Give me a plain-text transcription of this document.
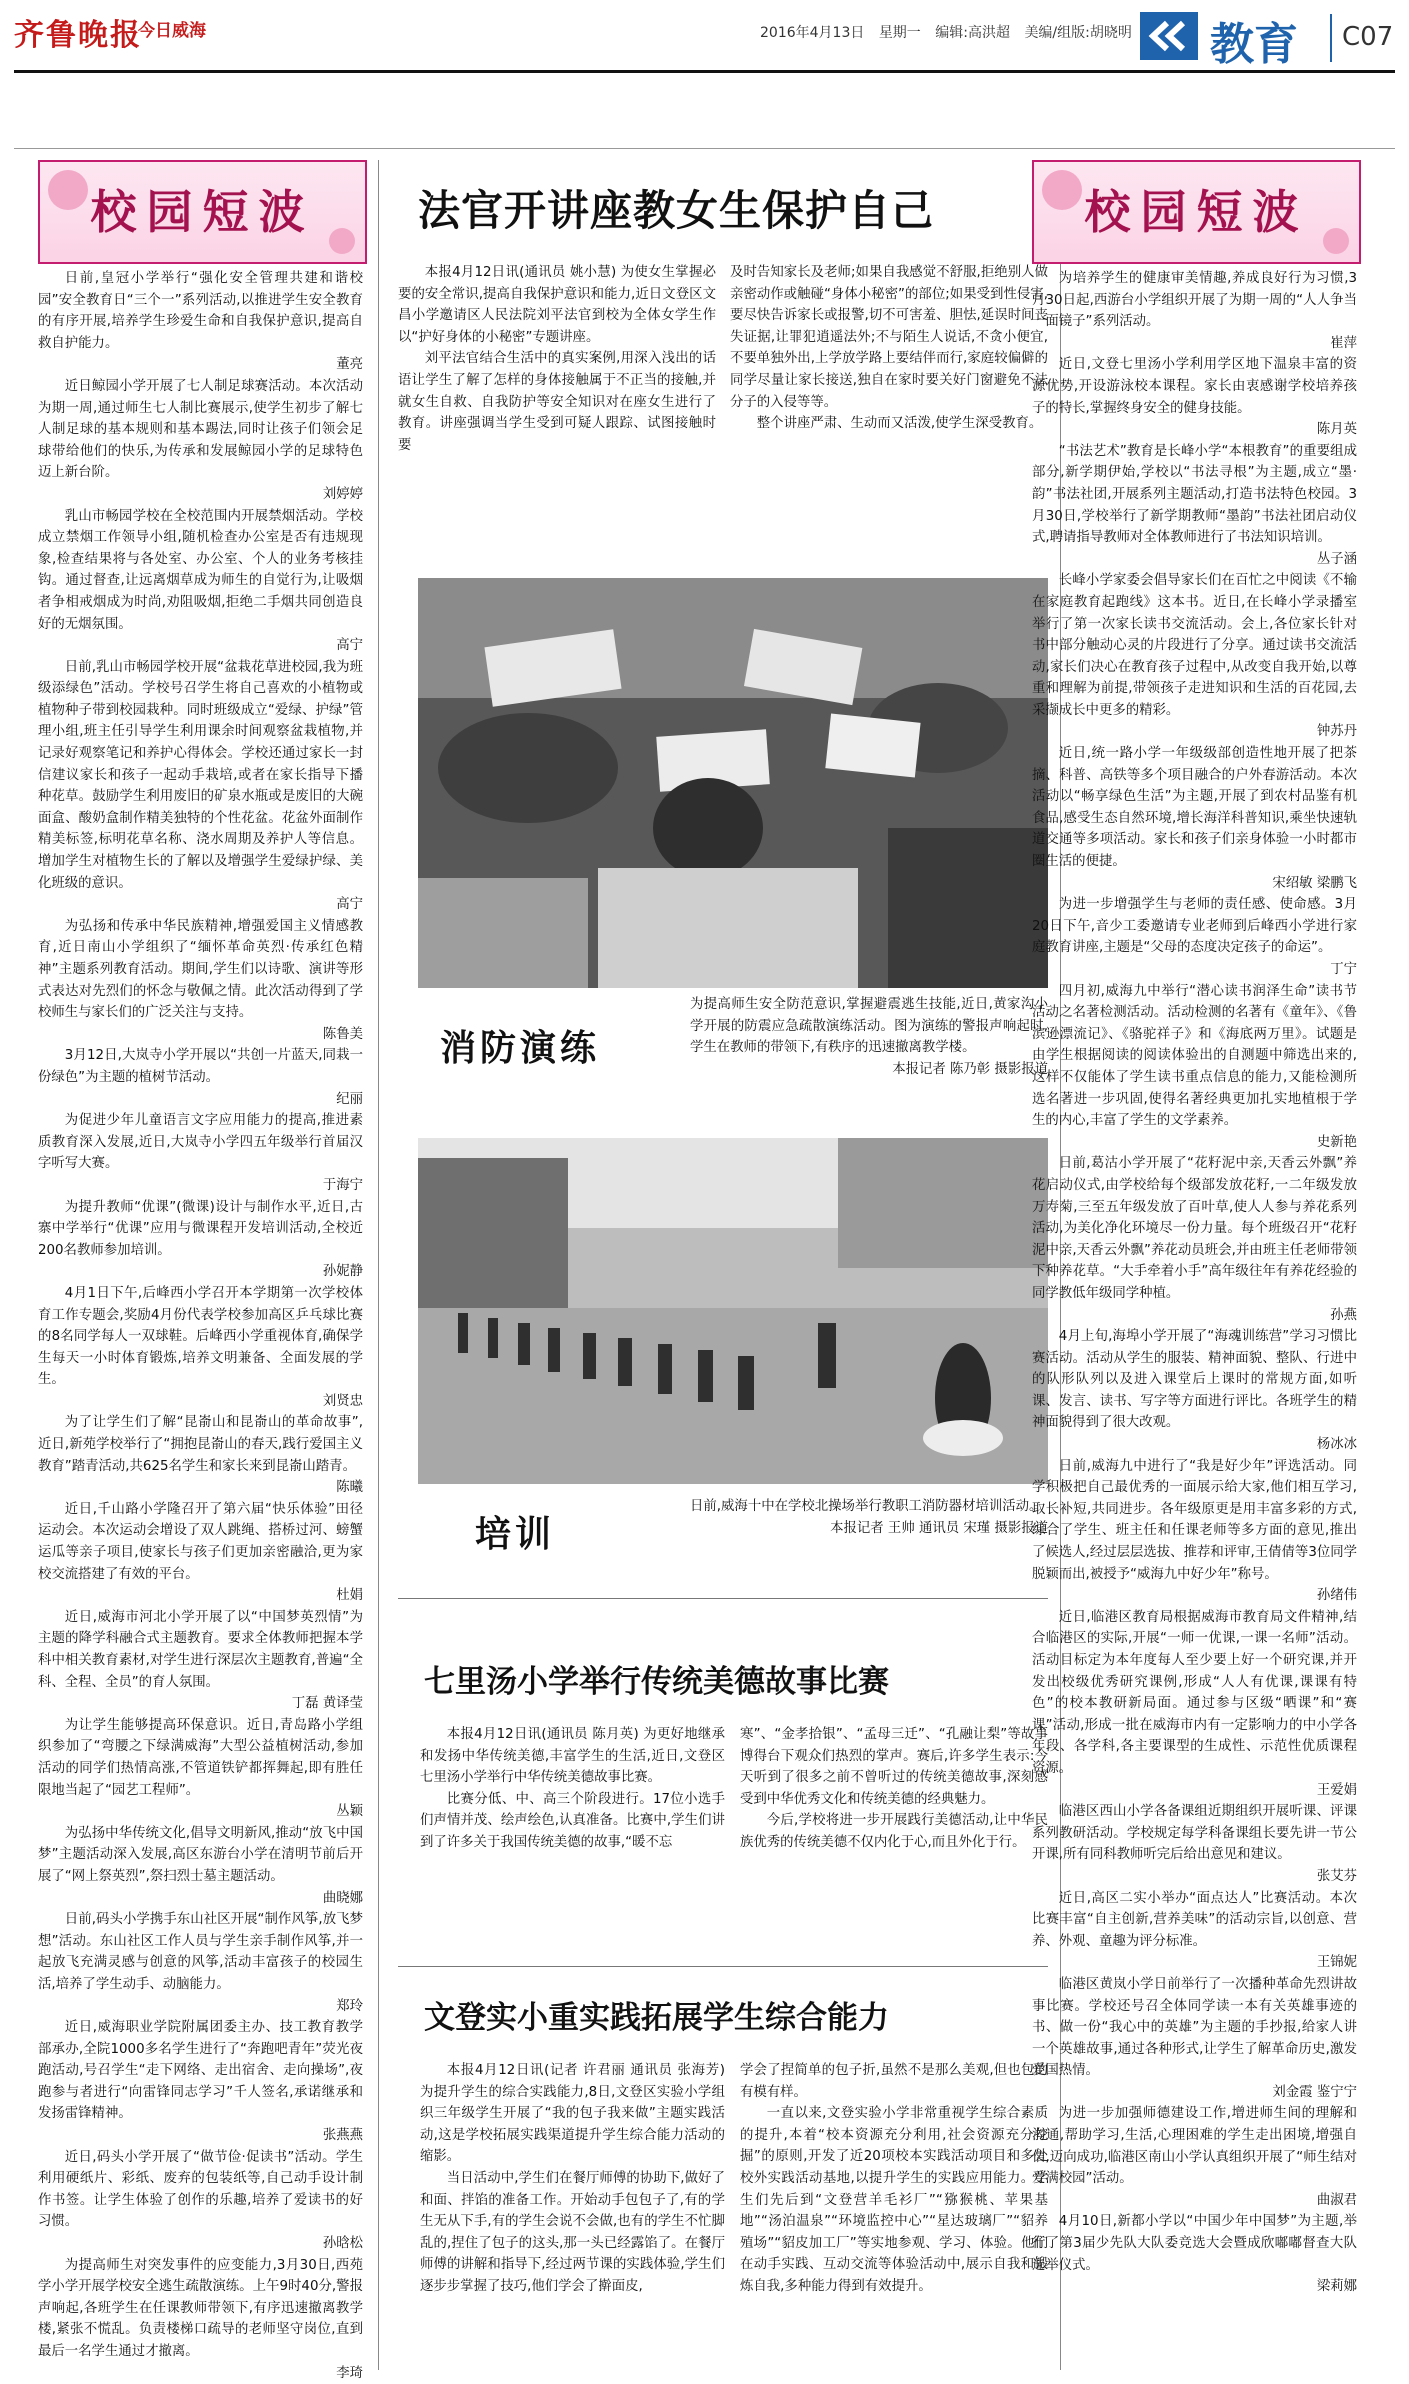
齐鲁晚报
今日威海	2016年4月13日 星期一 编辑:高洪超 美编/组版:胡晓明 教育 C07
校园短波

日前,皇冠小学举行“强化安全管理共建和谐校园”安全教育日“三个一”系列活动,以推进学生安全教育的有序开展,培养学生珍爱生命和自我保护意识,提高自救自护能力。

董亮

近日鲸园小学开展了七人制足球赛活动。本次活动为期一周,通过师生七人制比赛展示,使学生初步了解七人制足球的基本规则和基本踢法,同时让孩子们领会足球带给他们的快乐,为传承和发展鲸园小学的足球特色迈上新台阶。

刘婷婷

乳山市畅园学校在全校范围内开展禁烟活动。学校成立禁烟工作领导小组,随机检查办公室是否有违规现象,检查结果将与各处室、办公室、个人的业务考核挂钩。通过督查,让远离烟草成为师生的自觉行为,让吸烟者争相戒烟成为时尚,劝阻吸烟,拒绝二手烟共同创造良好的无烟氛围。

高宁

日前,乳山市畅园学校开展“盆栽花草进校园,我为班级添绿色”活动。学校号召学生将自己喜欢的小植物或植物种子带到校园栽种。同时班级成立“爱绿、护绿”管理小组,班主任引导学生利用课余时间观察盆栽植物,并记录好观察笔记和养护心得体会。学校还通过家长一封信建议家长和孩子一起动手栽培,或者在家长指导下播种花草。鼓励学生利用废旧的矿泉水瓶或是废旧的大碗面盒、酸奶盒制作精美独特的个性花盆。花盆外面制作精美标签,标明花草名称、浇水周期及养护人等信息。增加学生对植物生长的了解以及增强学生爱绿护绿、美化班级的意识。

高宁

为弘扬和传承中华民族精神,增强爱国主义情感教育,近日南山小学组织了“缅怀革命英烈·传承红色精神”主题系列教育活动。期间,学生们以诗歌、演讲等形式表达对先烈们的怀念与敬佩之情。此次活动得到了学校师生与家长们的广泛关注与支持。

陈鲁美

3月12日,大岚寺小学开展以“共创一片蓝天,同栽一份绿色”为主题的植树节活动。

纪丽

为促进少年儿童语言文字应用能力的提高,推进素质教育深入发展,近日,大岚寺小学四五年级举行首届汉字听写大赛。

于海宁

为提升教师“优课”(微课)设计与制作水平,近日,古寨中学举行“优课”应用与微课程开发培训活动,全校近200名教师参加培训。

孙妮静

4月1日下午,后峰西小学召开本学期第一次学校体育工作专题会,奖励4月份代表学校参加高区乒乓球比赛的8名同学每人一双球鞋。后峰西小学重视体育,确保学生每天一小时体育锻炼,培养文明兼备、全面发展的学生。

刘贤忠

为了让学生们了解“昆嵛山和昆嵛山的革命故事”,近日,新苑学校举行了“拥抱昆嵛山的春天,践行爱国主义教育”踏青活动,共625名学生和家长来到昆嵛山踏青。

陈曦

近日,千山路小学隆召开了第六届“快乐体验”田径运动会。本次运动会增设了双人跳绳、搭桥过河、螃蟹运瓜等亲子项目,使家长与孩子们更加亲密融洽,更为家校交流搭建了有效的平台。

杜娟

近日,威海市河北小学开展了以“中国梦英烈情”为主题的降学科融合式主题教育。要求全体教师把握本学科中相关教育素材,对学生进行深层次主题教育,普遍“全科、全程、全员”的育人氛围。

丁磊 黄译莹

为让学生能够提高环保意识。近日,青岛路小学组织参加了“弯腰之下绿满威海”大型公益植树活动,参加活动的同学们热情高涨,不管道铁铲都挥舞起,即有胜任限地当起了“园艺工程师”。

丛颖

为弘扬中华传统文化,倡导文明新风,推动“放飞中国梦”主题活动深入发展,高区东游台小学在清明节前后开展了“网上祭英烈”,祭扫烈士墓主题活动。

曲晓娜

日前,码头小学携手东山社区开展“制作风筝,放飞梦想”活动。东山社区工作人员与学生亲手制作风筝,并一起放飞充满灵感与创意的风筝,活动丰富孩子的校园生活,培养了学生动手、动脑能力。

郑玲

近日,威海职业学院附属团委主办、技工教育教学部承办,全院1000多名学生进行了“奔跑吧青年”荧光夜跑活动,号召学生“走下网络、走出宿舍、走向操场”,夜跑参与者进行“向雷锋同志学习”千人签名,承诺继承和发扬雷锋精神。

张燕燕

近日,码头小学开展了“做节俭·促读书”活动。学生利用硬纸片、彩纸、废弃的包装纸等,自己动手设计制作书签。让学生体验了创作的乐趣,培养了爱读书的好习惯。

孙晗松

为提高师生对突发事件的应变能力,3月30日,西苑学小学开展学校安全逃生疏散演练。上午9时40分,警报声响起,各班学生在任课教师带领下,有序迅速撤离教学楼,紧张不慌乱。负责楼梯口疏导的老师坚守岗位,直到最后一名学生通过才撤离。

李琦

法官开讲座教女生保护自己

本报4月12日讯(通讯员 姚小慧) 为使女生掌握必要的安全常识,提高自我保护意识和能力,近日文登区文昌小学邀请区人民法院刘平法官到校为全体女学生作以“护好身体的小秘密”专题讲座。

刘平法官结合生活中的真实案例,用深入浅出的话语让学生了解了怎样的身体接触属于不正当的接触,并就女生自救、自我防护等安全知识对在座女生进行了教育。讲座强调当学生受到可疑人跟踪、试图接触时要

及时告知家长及老师;如果自我感觉不舒服,拒绝别人做亲密动作或触碰“身体小秘密”的部位;如果受到性侵害,要尽快告诉家长或报警,切不可害羞、胆怯,延误时间丧失证据,让罪犯逍遥法外;不与陌生人说话,不贪小便宜,不要单独外出,上学放学路上要结伴而行,家庭较偏僻的同学尽量让家长接送,独自在家时要关好门窗避免不法分子的入侵等等。

整个讲座严肃、生动而又活泼,使学生深受教育。

消防演练
为提高师生安全防范意识,掌握避震逃生技能,近日,黄家沟小学开展的防震应急疏散演练活动。图为演练的警报声响起时,学生在教师的带领下,有秩序的迅速撤离教学楼。
本报记者 陈乃彰 摄影报道
培训
日前,威海十中在学校北操场举行教职工消防器材培训活动。
本报记者 王帅 通讯员 宋瑾 摄影报道
七里汤小学举行传统美德故事比赛

本报4月12日讯(通讯员 陈月英) 为更好地继承和发扬中华传统美德,丰富学生的生活,近日,文登区七里汤小学举行中华传统美德故事比赛。

比赛分低、中、高三个阶段进行。17位小选手们声情并茂、绘声绘色,认真准备。比赛中,学生们讲到了许多关于我国传统美德的故事,“暖不忘

寒”、“金孝拾银”、“孟母三迁”、“孔融让梨”等故事博得台下观众们热烈的掌声。赛后,许多学生表示:今天听到了很多之前不曾听过的传统美德故事,深刻感受到中华优秀文化和传统美德的经典魅力。

今后,学校将进一步开展践行美德活动,让中华民族优秀的传统美德不仅内化于心,而且外化于行。

文登实小重实践拓展学生综合能力

本报4月12日讯(记者 许君丽 通讯员 张海芳) 为提升学生的综合实践能力,8日,文登区实验小学组织三年级学生开展了“我的包子我来做”主题实践活动,这是学校拓展实践渠道提升学生综合能力活动的缩影。

当日活动中,学生们在餐厅师傅的协助下,做好了和面、拌馅的准备工作。开始动手包包子了,有的学生无从下手,有的学生会说不会做,也有的学生不忙脚乱的,捏住了包子的这头,那一头已经露馅了。在餐厅师傅的讲解和指导下,经过两节课的实践体验,学生们逐步步掌握了技巧,他们学会了擀面皮,

学会了捏简单的包子折,虽然不是那么美观,但也包的有模有样。

一直以来,文登实验小学非常重视学生综合素质的提升,本着“校本资源充分利用,社会资源充分挖掘”的原则,开发了近20项校本实践活动项目和多处校外实践活动基地,以提升学生的实践应用能力。学生们先后到“文登营羊毛衫厂”“猕猴桃、苹果基地”“汤泊温泉”“环境监控中心”“星达玻璃厂”“貂养殖场”“貂皮加工厂”等实地参观、学习、体验。他们在动手实践、互动交流等体验活动中,展示自我和锻炼自我,多种能力得到有效提升。

校园短波

为培养学生的健康审美情趣,养成良好行为习惯,3月30日起,西游台小学组织开展了为期一周的“人人争当一面镜子”系列活动。

崔萍

近日,文登七里汤小学利用学区地下温泉丰富的资源优势,开设游泳校本课程。家长由衷感谢学校培养孩子的特长,掌握终身安全的健身技能。

陈月英

“书法艺术”教育是长峰小学“本根教育”的重要组成部分,新学期伊始,学校以“书法寻根”为主题,成立“墨·韵”书法社团,开展系列主题活动,打造书法特色校园。3月30日,学校举行了新学期教师“墨韵”书法社团启动仪式,聘请指导教师对全体教师进行了书法知识培训。

丛子涵

长峰小学家委会倡导家长们在百忙之中阅读《不输在家庭教育起跑线》这本书。近日,在长峰小学录播室举行了第一次家长读书交流活动。会上,各位家长针对书中部分触动心灵的片段进行了分享。通过读书交流活动,家长们决心在教育孩子过程中,从改变自我开始,以尊重和理解为前提,带领孩子走进知识和生活的百花园,去采撷成长中更多的精彩。

钟苏丹

近日,统一路小学一年级级部创造性地开展了把茶摘、科普、高铁等多个项目融合的户外春游活动。本次活动以“畅享绿色生活”为主题,开展了到农村品鉴有机食品,感受生态自然环境,增长海洋科普知识,乘坐快速轨道交通等多项活动。家长和孩子们亲身体验一小时都市圈生活的便捷。

宋绍敏 梁鹏飞

为进一步增强学生与老师的责任感、使命感。3月20日下午,音少工委邀请专业老师到后峰西小学进行家庭教育讲座,主题是“父母的态度决定孩子的命运”。

丁宁

四月初,威海九中举行“潜心读书润泽生命”读书节活动之名著检测活动。活动检测的名著有《童年》、《鲁滨逊漂流记》、《骆驼祥子》和《海底两万里》。试题是由学生根据阅读的阅读体验出的自测题中筛选出来的,这样不仅能体了学生读书重点信息的能力,又能检测所选名著进一步巩固,使得名著经典更加扎实地植根于学生的内心,丰富了学生的文学素养。

史新艳

日前,葛沽小学开展了“花籽泥中亲,天香云外飘”养花启动仪式,由学校给每个级部发放花籽,一二年级发放万寿菊,三至五年级发放了百叶草,使人人参与养花系列活动,为美化净化环境尽一份力量。每个班级召开“花籽泥中亲,天香云外飘”养花动员班会,并由班主任老师带领下种养花草。“大手牵着小手”高年级往年有养花经验的同学教低年级同学种植。

孙燕

4月上旬,海埠小学开展了“海魂训练营”学习习惯比赛活动。活动从学生的服装、精神面貌、整队、行进中的队形队列以及进入课堂后上课时的常规方面,如听课、发言、读书、写字等方面进行评比。各班学生的精神面貌得到了很大改观。

杨冰冰

日前,威海九中进行了“我是好少年”评选活动。同学积极把自己最优秀的一面展示给大家,他们相互学习,取长补短,共同进步。各年级原更是用丰富多彩的方式,综合了学生、班主任和任课老师等多方面的意见,推出了候选人,经过层层选拔、推荐和评审,王倩倩等3位同学脱颖而出,被授予“威海九中好少年”称号。

孙绪伟

近日,临港区教育局根据威海市教育局文件精神,结合临港区的实际,开展“一师一优课,一课一名师”活动。活动目标定为本年度每人至少要上好一个研究课,并开发出校级优秀研究课例,形成“人人有优课,课课有特色”的校本教研新局面。通过参与区级“晒课”和“赛课”活动,形成一批在威海市内有一定影响力的中小学各年段、各学科,各主要课型的生成性、示范性优质课程资源。

王爱娟

临港区西山小学各备课组近期组织开展听课、评课系列教研活动。学校规定每学科备课组长要先讲一节公开课,所有同科教师听完后给出意见和建议。

张艾芬

近日,高区二实小举办“面点达人”比赛活动。本次比赛丰富“自主创新,营养美味”的活动宗旨,以创意、营养、外观、童趣为评分标准。

王锦妮

临港区黄岚小学日前举行了一次播种革命先烈讲故事比赛。学校还号召全体同学读一本有关英雄事迹的书、做一份“我心中的英雄”为主题的手抄报,给家人讲一个英雄故事,通过各种形式,让学生了解革命历史,激发爱国热情。

刘金霞 鉴宁宁

为进一步加强师德建设工作,增进师生间的理解和沟通,帮助学习,生活,心理困难的学生走出困境,增强自信,迈向成功,临港区南山小学认真组织开展了“师生结对爱满校园”活动。

曲淑君

4月10日,新都小学以“中国少年中国梦”为主题,举行了第3届少先队大队委竞选大会暨成欣嘟嘟督查大队选举仪式。

梁莉娜
